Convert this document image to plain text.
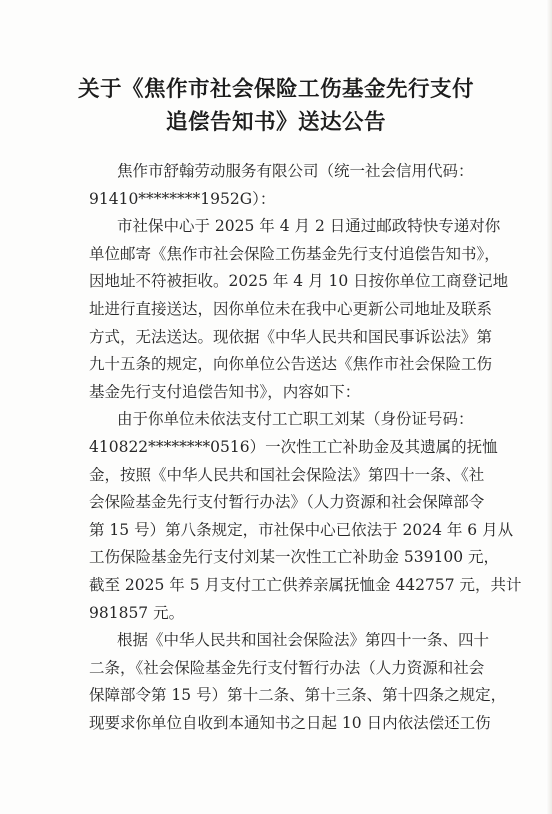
关于《焦作市社会保险工伤基金先行支付
追偿告知书》送达公告
焦作市舒翰劳动服务有限公司（统一社会信用代码：
91410********1952G）：
市社保中心于 2025 年 4 月 2 日通过邮政特快专递对你
单位邮寄《焦作市社会保险工伤基金先行支付追偿告知书》，
因地址不符被拒收。2025 年 4 月 10 日按你单位工商登记地
址进行直接送达，因你单位未在我中心更新公司地址及联系
方式，无法送达。现依据《中华人民共和国民事诉讼法》第
九十五条的规定，向你单位公告送达《焦作市社会保险工伤
基金先行支付追偿告知书》，内容如下：
由于你单位未依法支付工亡职工刘某（身份证号码：
410822********0516）一次性工亡补助金及其遗属的抚恤
金，按照《中华人民共和国社会保险法》第四十一条、《社
会保险基金先行支付暂行办法》（人力资源和社会保障部令
第 15 号）第八条规定，市社保中心已依法于 2024 年 6 月从
工伤保险基金先行支付刘某一次性工亡补助金 539100 元，
截至 2025 年 5 月支付工亡供养亲属抚恤金 442757 元，共计
981857 元。
根据《中华人民共和国社会保险法》第四十一条、四十
二条，《社会保险基金先行支付暂行办法（人力资源和社会
保障部令第 15 号）第十二条、第十三条、第十四条之规定，
现要求你单位自收到本通知书之日起 10 日内依法偿还工伤
